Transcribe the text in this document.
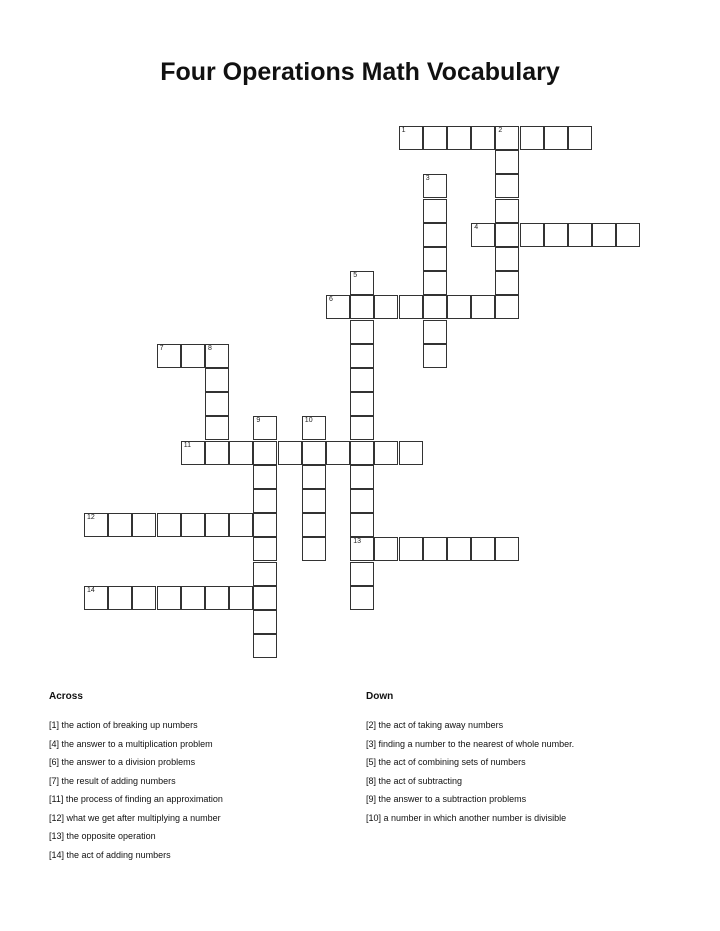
Four Operations Math Vocabulary
1	2
3
4
5
13
6
7	8
9	10
11
12
14
Across	Down
[1] the action of breaking up numbers
[4] the answer to a multiplication problem
[6] the answer to a division problems
[7] the result of adding numbers
[11] the process of finding an approximation
[12] what we get after multiplying a number
[13] the opposite operation
[14] the act of adding numbers
[2] the act of taking away numbers
[3] finding a number to the nearest of whole number.
[5] the act of combining sets of numbers
[8] the act of subtracting
[9] the answer to a subtraction problems
[10] a number in which another number is divisible
